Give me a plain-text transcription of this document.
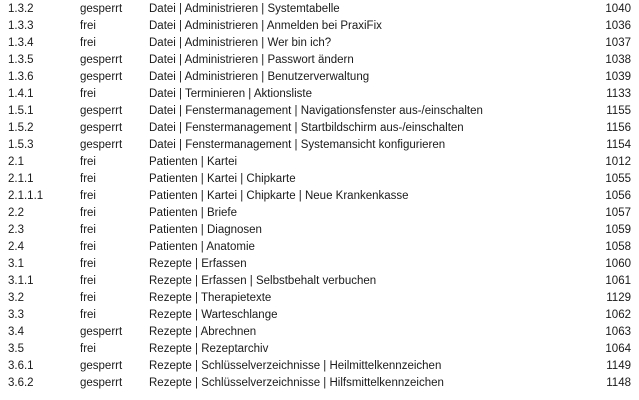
1.3.2	gesperrt Datei | Administrieren | Systemtabelle	1040
1.3.3	frei	Datei | Administrieren | Anmelden bei PraxiFix	1036
1.3.4	frei	Datei | Administrieren | Wer bin ich?	1037
1.3.5	gesperrt Datei | Administrieren | Passwort ändern	1038
1.3.6	gesperrt Datei | Administrieren | Benutzerverwaltung	1039
1.4.1	frei	Datei | Terminieren | Aktionsliste	1133
1.5.1	gesperrt Datei | Fenstermanagement | Navigationsfenster aus-/einschalten	1155
1.5.2	gesperrt Datei | Fenstermanagement | Startbildschirm aus-/einschalten	1156
1.5.3	gesperrt Datei | Fenstermanagement | Systemansicht konfigurieren	1154
2.1	frei	Patienten | Kartei	1012
2.1.1	frei	Patienten | Kartei | Chipkarte	1055
2.1.1.1	frei	Patienten | Kartei | Chipkarte | Neue Krankenkasse	1056
2.2	frei	Patienten | Briefe	1057
2.3	frei	Patienten | Diagnosen	1059
2.4	frei	Patienten | Anatomie	1058
3.1	frei	Rezepte | Erfassen	1060
3.1.1	frei	Rezepte | Erfassen | Selbstbehalt verbuchen	1061
3.2	frei	Rezepte | Therapietexte	1129
3.3	frei	Rezepte | Warteschlange	1062
3.4	gesperrt Rezepte | Abrechnen	1063
3.5	frei	Rezepte | Rezeptarchiv	1064
3.6.1	gesperrt Rezepte | Schlüsselverzeichnisse | Heilmittelkennzeichen	1149
3.6.2	gesperrt Rezepte | Schlüsselverzeichnisse | Hilfsmittelkennzeichen	1148
